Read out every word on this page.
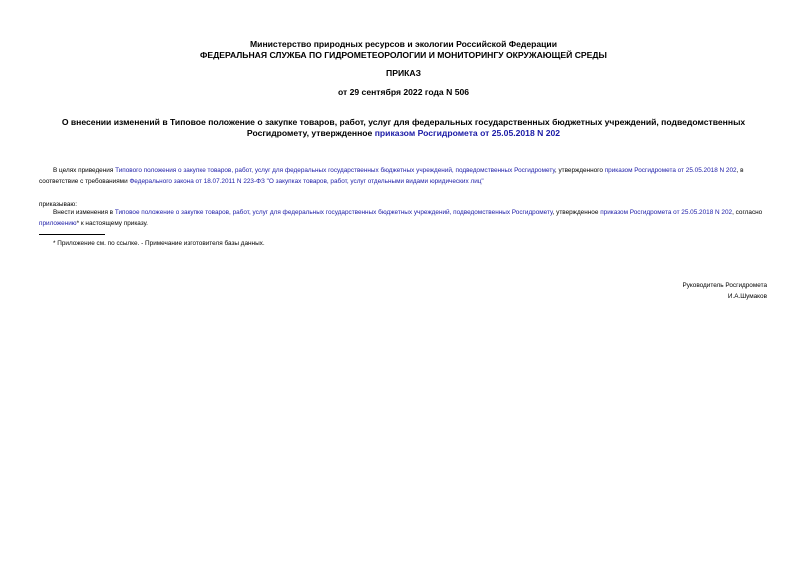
Министерство природных ресурсов и экологии Российской Федерации
ФЕДЕРАЛЬНАЯ СЛУЖБА ПО ГИДРОМЕТЕОРОЛОГИИ И МОНИТОРИНГУ ОКРУЖАЮЩЕЙ СРЕДЫ
ПРИКАЗ
от 29 сентября 2022 года N 506
О внесении изменений в Типовое положение о закупке товаров, работ, услуг для федеральных государственных бюджетных учреждений, подведомственных Росгидромету, утвержденное приказом Росгидромета от 25.05.2018 N 202
В целях приведения Типового положения о закупке товаров, работ, услуг для федеральных государственных бюджетных учреждений, подведомственных Росгидромету, утвержденного приказом Росгидромета от 25.05.2018 N 202, в соответствие с требованиями Федерального закона от 18.07.2011 N 223-ФЗ "О закупках товаров, работ, услуг отдельными видами юридических лиц"
приказываю:
Внести изменения в Типовое положение о закупке товаров, работ, услуг для федеральных государственных бюджетных учреждений, подведомственных Росгидромету, утвержденное приказом Росгидромета от 25.05.2018 N 202, согласно приложению* к настоящему приказу.
* Приложение см. по ссылке. - Примечание изготовителя базы данных.
Руководитель Росгидромета
И.А.Шумаков
